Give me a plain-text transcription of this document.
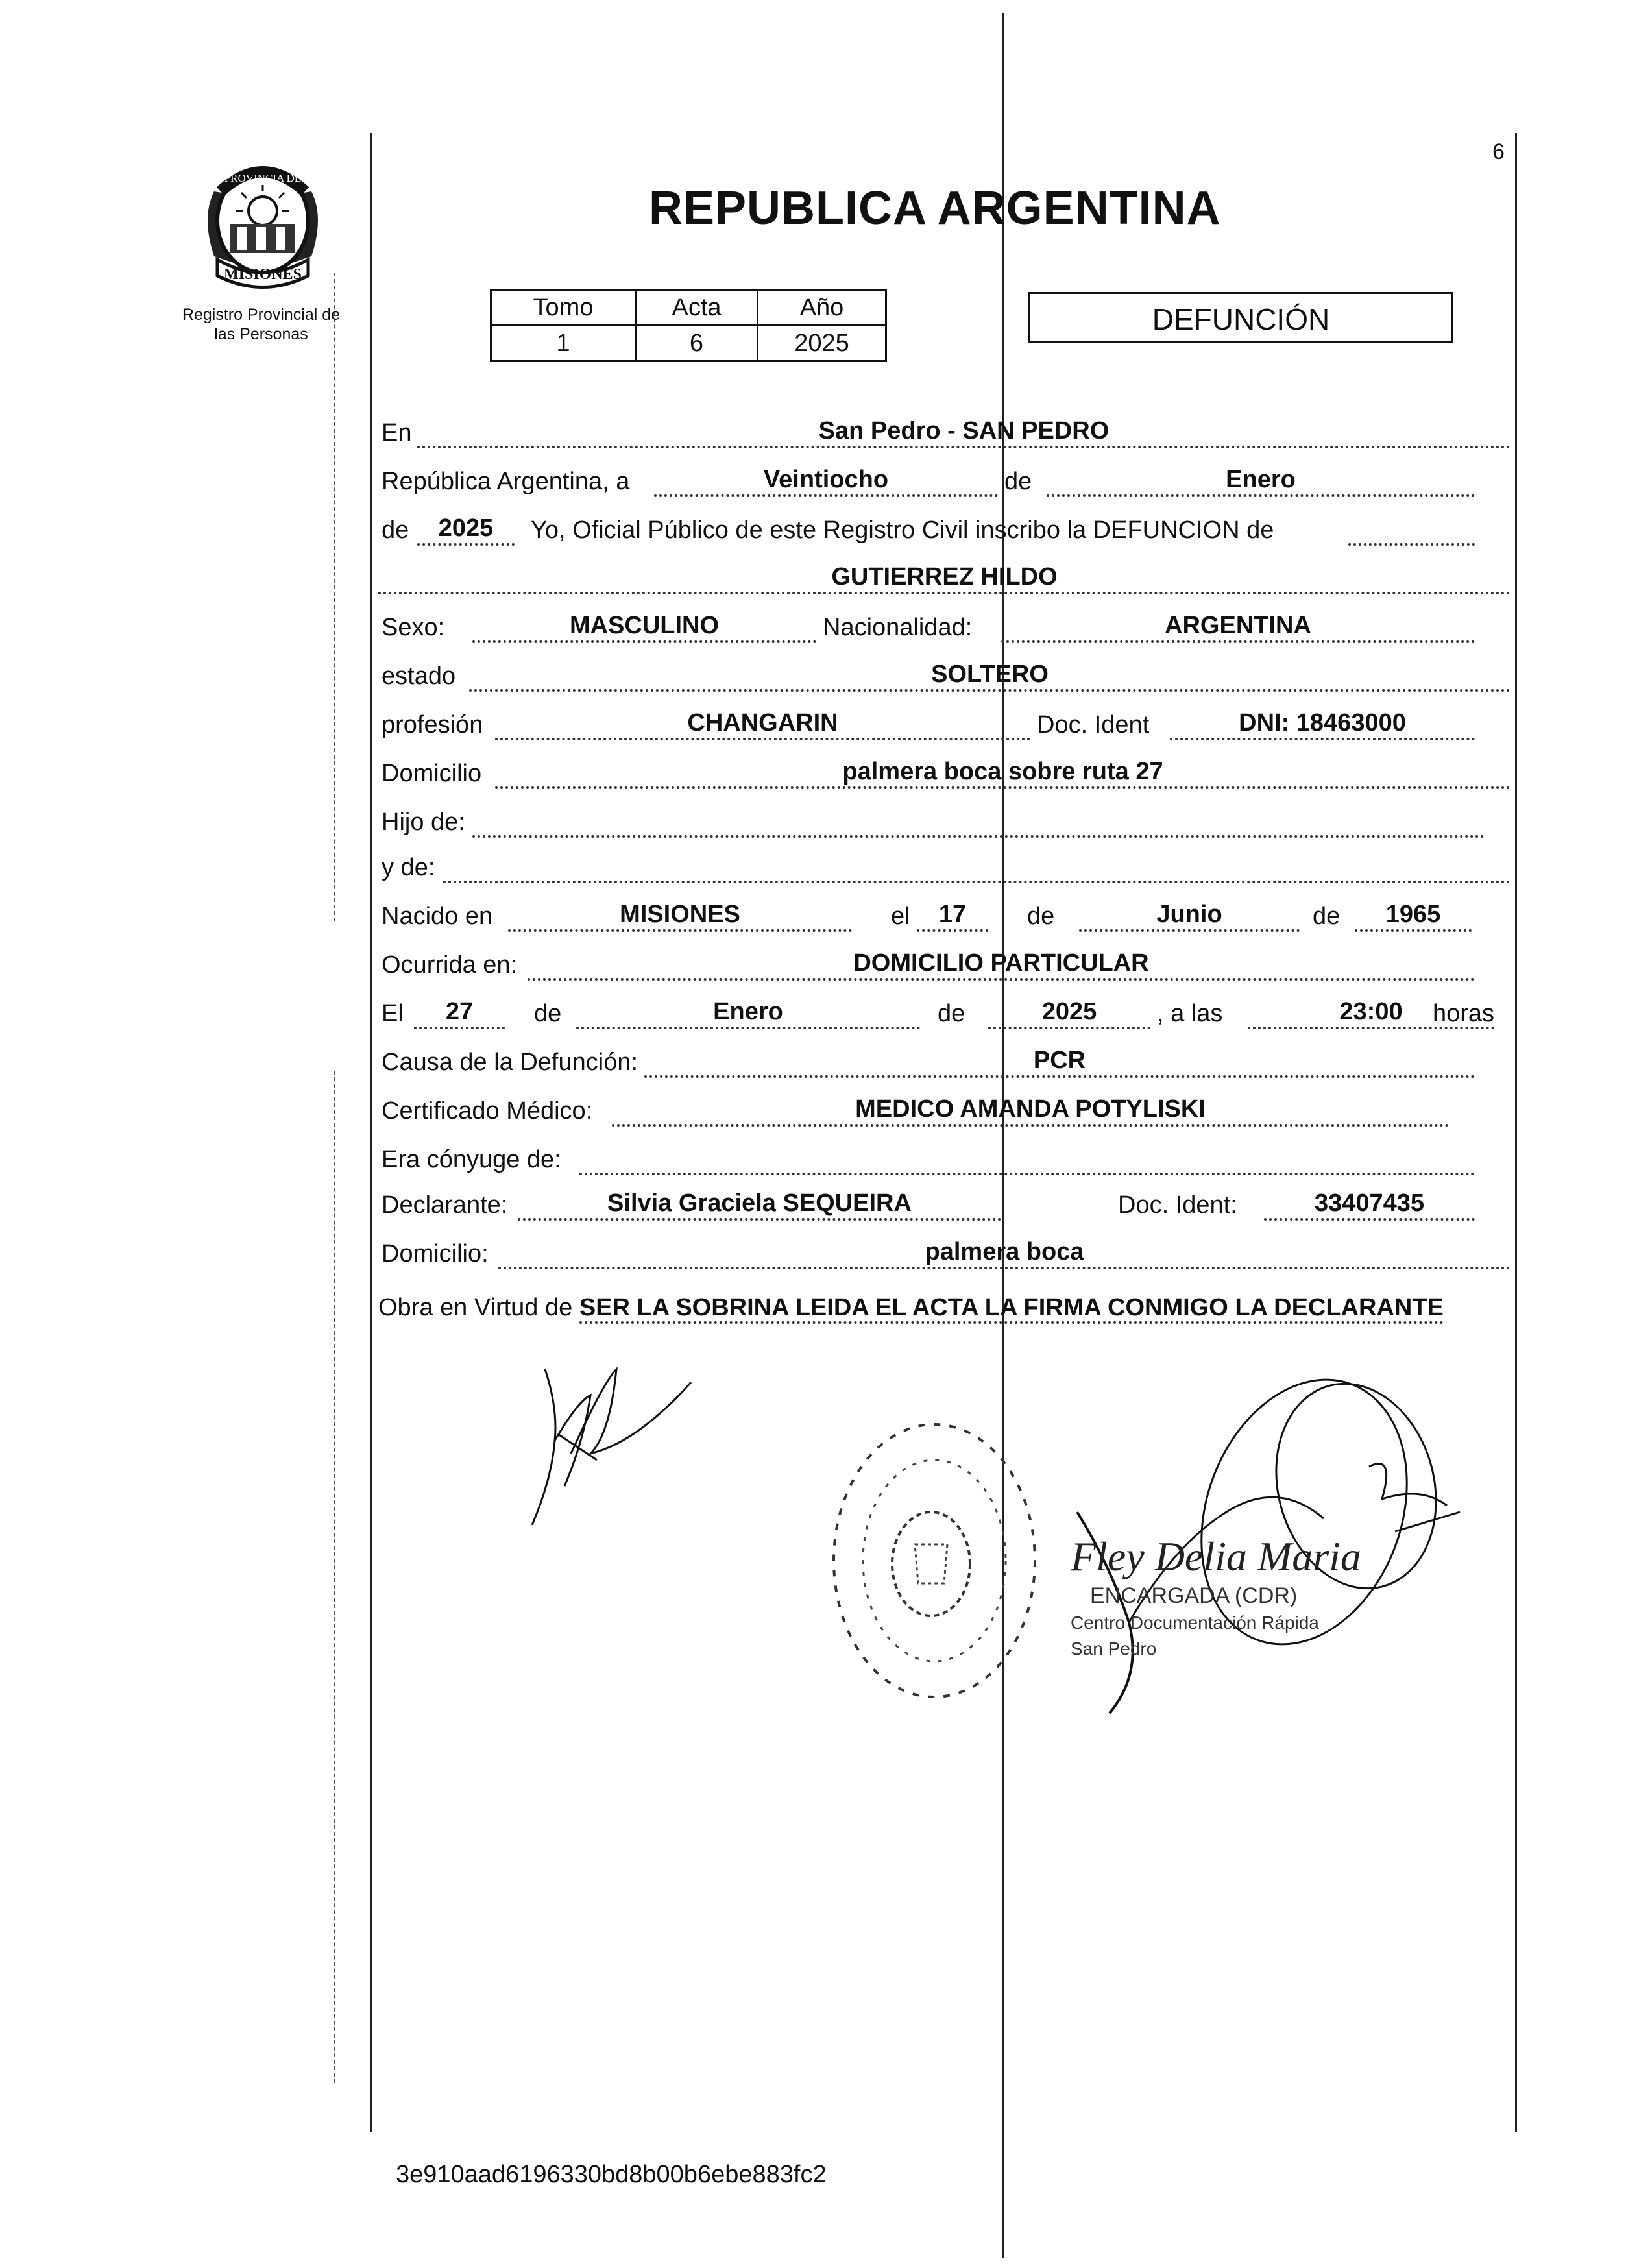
PROVINCIA DE
MISIONES
Registro Provincial de
las Personas
6
REPUBLICA ARGENTINA
Tomo	Acta	Año
1	6	2025
DEFUNCIÓN
En	San Pedro - SAN PEDRO
República Argentina, a	Veintiocho	de	Enero
de	2025	Yo, Oficial Público de este Registro Civil inscribo la DEFUNCION de
GUTIERREZ HILDO
Sexo:	MASCULINO	Nacionalidad:	ARGENTINA
estado	SOLTERO
profesión	CHANGARIN	Doc. Ident	DNI: 18463000
Domicilio	palmera boca sobre ruta 27
Hijo de:
y de:
Nacido en	MISIONES	el	17	de	Junio	de	1965
Ocurrida en:	DOMICILIO PARTICULAR
El	27	de	Enero	de	2025	, a las	23:00	horas
Causa de la Defunción:	PCR
Certificado Médico:	MEDICO AMANDA POTYLISKI
Era cónyuge de:
Declarante:	Silvia Graciela SEQUEIRA	Doc. Ident:	33407435
Domicilio:	palmera boca
Obra en Virtud de SER LA SOBRINA LEIDA EL ACTA LA FIRMA CONMIGO LA DECLARANTE
Fley Delia Maria
ENCARGADA (CDR)
Centro Documentación Rápida
San Pedro
3e910aad6196330bd8b00b6ebe883fc2
